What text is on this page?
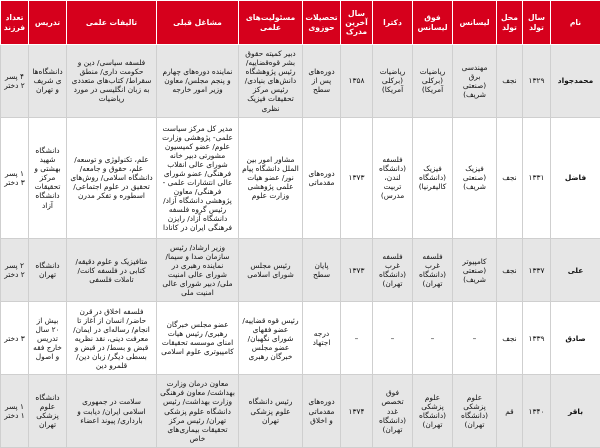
نام	سال تولد	محل تولد	لیسانس	فوق لیسانس	دکترا	سال آخرین مدرک	تحصیلات حوزوی	مسئولیت‌های علمی	مشاغل قبلی	تالیفات علمی	تدریس	تعداد فرزند
محمدجواد	۱۳۲۹	نجف	مهندسی برق (صنعتی شریف)	ریاضیات (برکلی آمریکا)	ریاضیات (برکلی آمریکا)	۱۳۵۸	دوره‌های پس از سطح	دبیر کمیته حقوق بشر قوه‌قضاییه/ رئیس پژوهشگاه دانش‌های بنیادی/ رئیس مرکز تحقیقات فیزیک نظری	نماینده دوره‌های چهارم و پنجم مجلس/ معاون وزیر امور خارجه	فلسفه سیاسی/ دین و حکومت داری/ منطق سقراط/ کتاب‌های متعددی به زبان انگلیسی در مورد ریاضیات	دانشگاه‌های شریف و تهران	۴ پسر ۲ دختر
فاضل	۱۳۳۱	نجف	فیزیک (صنعتی شریف)	فیزیک (دانشگاه کالیفرنیا)	فلسفه (دانشگاه لندن، تربیت مدرس)	۱۳۷۳	دوره‌های مقدماتی	مشاور امور بین الملل دانشگاه پیام نور/ عضو هیات علمی پژوهشی وزارت علوم	مدیر کل مرکز سیاست علمی- پژوهشی وزارت علوم/ عضو کمیسیون مشورتی دبیر خانه شورای عالی انقلاب فرهنگی/ عضو شورای عالی انتشارات علمی - فرهنگی/ معاون پژوهشی دانشگاه آزاد/ رئیس گروه فلسفه دانشگاه آزاد/ رایزن فرهنگی ایران در کانادا	علم، تکنولوژی و توسعه/ علم، حقوق و جامعه/ دانشگاه اسلامی/ روش‌های تحقیق در علوم اجتماعی/ اسطوره و تفکر مدرن	دانشگاه شهید بهشتی و مرکز تحقیقات دانشگاه آزاد	۱ پسر ۳ دختر
علی	۱۳۳۷	نجف	کامپیوتر (صنعتی شریف)	فلسفه غرب (دانشگاه تهران)	فلسفه غرب (دانشگاه تهران)	۱۳۷۳	پایان سطح	رئیس مجلس شورای اسلامی	وزیر ارشاد/ رئیس سازمان صدا و سیما/ نماینده رهبری در شورای عالی امنیت ملی/ دبیر شورای عالی امنیت ملی	متافیزیک و علوم دقیقه/ کتابی در فلسفه کانت/ تاملات فلسفی	دانشگاه تهران	۲ پسر ۲ دختر
صادق	۱۳۳۹	نجف	–	–	–	–	درجه اجتهاد	رئیس قوه قضاییه/ عضو فقهای شورای نگهبان/ عضو مجلس خبرگان رهبری	عضو مجلس خبرگان رهبری/ رئیس هیات امنای موسسه تحقیقات کامپیوتری علوم اسلامی	فلسفه اخلاق در قرن حاضر/ انسان از آغاز تا انجام/ رساله‌ای در ایمان/ معرفت دینی، نقد نظریه قبض و بسط/ در قبض و بسطی دیگر/ زبان دین/ قلمرو دین	بیش از ۲۰ سال تدریس خارج فقه و اصول	۳ دختر
باقر	۱۳۴۰	قم	علوم پزشکی (دانشگاه تهران)	علوم پزشکی (دانشگاه تهران)	فوق تخصص غدد (دانشگاه تهران)	۱۳۷۴	دوره‌های مقدماتی و اخلاق	رئیس دانشگاه علوم پزشکی تهران	معاون درمان وزارت بهداشت/ معاون فرهنگی وزارت بهداشت/ رئیس دانشگاه علوم پزشکی تهران/ رئیس مرکز تحقیقات بیماری‌های خاص	سلامت در جمهوری اسلامی ایران/ دیابت و بارداری/ پیوند اعضاء	دانشگاه علوم پزشکی تهران	۱ پسر ۱ دختر
